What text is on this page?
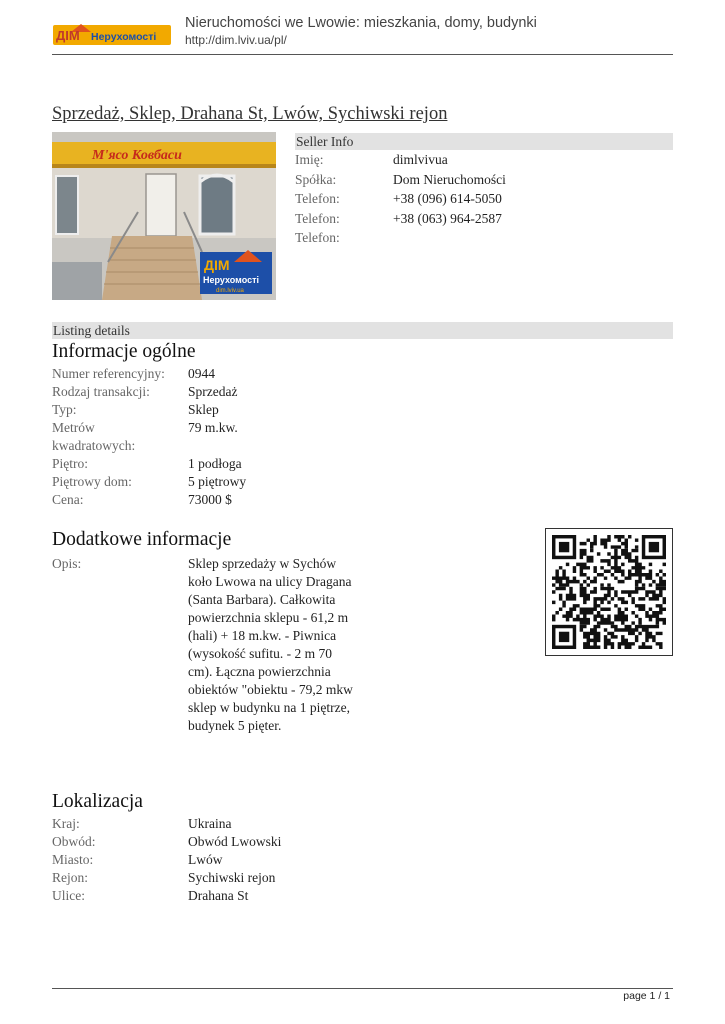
ДІМ Нерухомості
Nieruchomości we Lwowie: mieszkania, domy, budynki
http://dim.lviv.ua/pl/
Sprzedaż, Sklep, Drahana St, Lwów, Sychiwski rejon
М'ясо Ковбаси
ДІМ
Нерухомості
dim.lviv.ua
Seller Info
Imię:	dimlvivua
Spółka:	Dom Nieruchomości
Telefon:	+38 (096) 614-5050
Telefon:	+38 (063) 964-2587
Telefon:
Listing details
Informacje ogólne
Numer referencyjny:	0944
Rodzaj transakcji:	Sprzedaż
Typ:	Sklep
Metrów kwadratowych:
79 m.kw.
Piętro:	1 podłoga
Piętrowy dom:	5 piętrowy
Cena:	73000 $
Dodatkowe informacje
Opis:	Sklep sprzedaży w Sychów koło Lwowa na ulicy Dragana (Santa Barbara). Całkowita powierzchnia sklepu - 61,2 m (hali) + 18 m.kw. - Piwnica (wysokość sufitu. - 2 m 70 cm). Łączna powierzchnia obiektów "obiektu - 79,2 mkw sklep w budynku na 1 piętrze, budynek 5 pięter.
Lokalizacja
Kraj:	Ukraina
Obwód:	Obwód Lwowski
Miasto:	Lwów
Rejon:	Sychiwski rejon
Ulice:	Drahana St
page 1 / 1
